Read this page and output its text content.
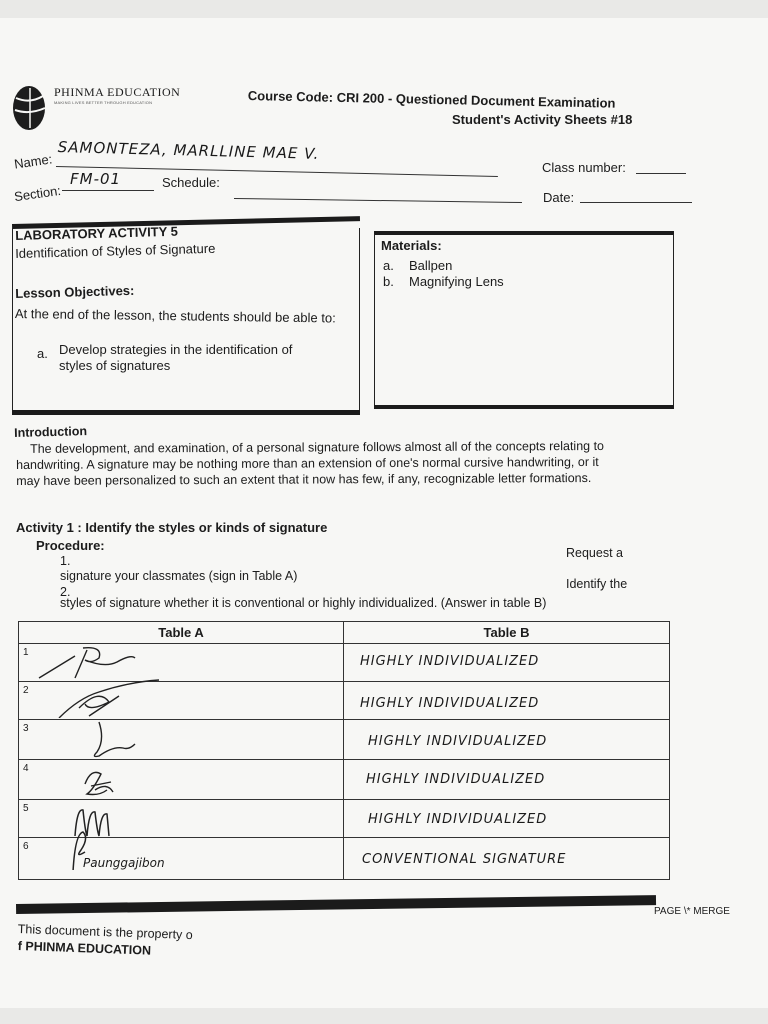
PHINMA EDUCATION
MAKING LIVES BETTER THROUGH EDUCATION	Course Code: CRI 200 - Questioned Document Examination
Student's Activity Sheets #18
Name: SAMONTEZA, MARLLINE MAE V.
Class number:
Section:
FM-01	Schedule:
Date:
LABORATORY ACTIVITY 5
Identification of Styles of Signature
Lesson Objectives:
At the end of the lesson, the students should be able to:
a. Develop strategies in the identification of styles of signatures
Materials:
a. Ballpen
b. Magnifying Lens
Introduction
The development, and examination, of a personal signature follows almost all of the concepts relating to handwriting. A signature may be nothing more than an extension of one's normal cursive handwriting, or it may have been personalized to such an extent that it now has few, if any, recognizable letter formations.
Activity 1 : Identify the styles or kinds of signature
Procedure:
1.
Request a
signature your classmates (sign in Table A)
2.
Identify the
styles of signature whether it is conventional or highly individualized. (Answer in table B)
Table A	Table B

1	HIGHLY INDIVIDUALIZED

2	HIGHLY INDIVIDUALIZED

3	HIGHLY INDIVIDUALIZED

4	HIGHLY INDIVIDUALIZED

5	HIGHLY INDIVIDUALIZED

6
Paunggajibon	CONVENTIONAL SIGNATURE
PAGE \* MERGE
This document is the property o
f PHINMA EDUCATION
